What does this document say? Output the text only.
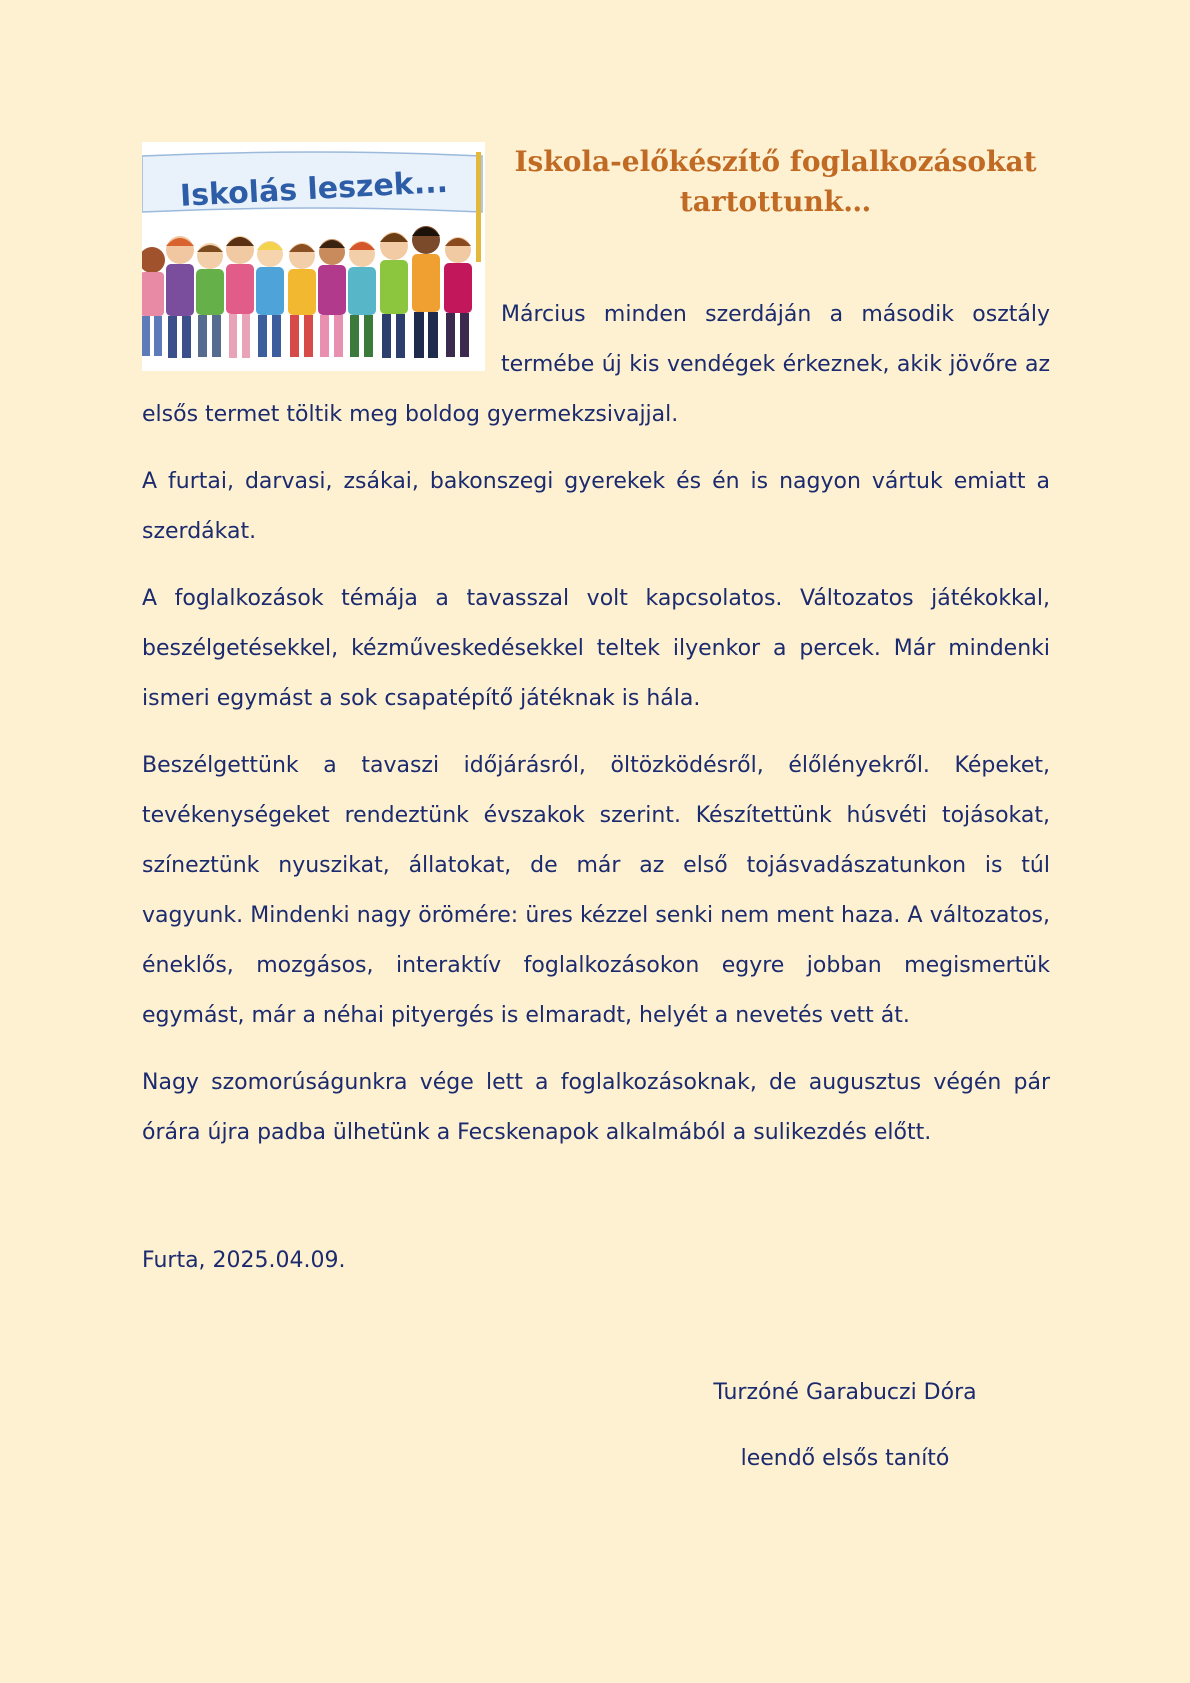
Iskolás leszek...
Iskola-előkészítő foglalkozásokat tartottunk…

Március minden szerdáján a második osztály termébe új kis vendégek érkeznek, akik jövőre az elsős termet töltik meg boldog gyermekzsivajjal.

A furtai, darvasi, zsákai, bakonszegi gyerekek és én is nagyon vártuk emiatt a szerdákat.

A foglalkozások témája a tavasszal volt kapcsolatos. Változatos játékokkal, beszélgetésekkel, kézműveskedésekkel teltek ilyenkor a percek. Már mindenki ismeri egymást a sok csapatépítő játéknak is hála.

Beszélgettünk a tavaszi időjárásról, öltözködésről, élőlényekről. Képeket, tevékenységeket rendeztünk évszakok szerint. Készítettünk húsvéti tojásokat, színeztünk nyuszikat, állatokat, de már az első tojásvadászatunkon is túl vagyunk. Mindenki nagy örömére: üres kézzel senki nem ment haza. A változatos, éneklős, mozgásos, interaktív foglalkozásokon egyre jobban megismertük egymást, már a néhai pityergés is elmaradt, helyét a nevetés vett át.

Nagy szomorúságunkra vége lett a foglalkozásoknak, de augusztus végén pár órára újra padba ülhetünk a Fecskenapok alkalmából a sulikezdés előtt.

Furta, 2025.04.09.
Turzóné Garabuczi Dóra
leendő elsős tanító
